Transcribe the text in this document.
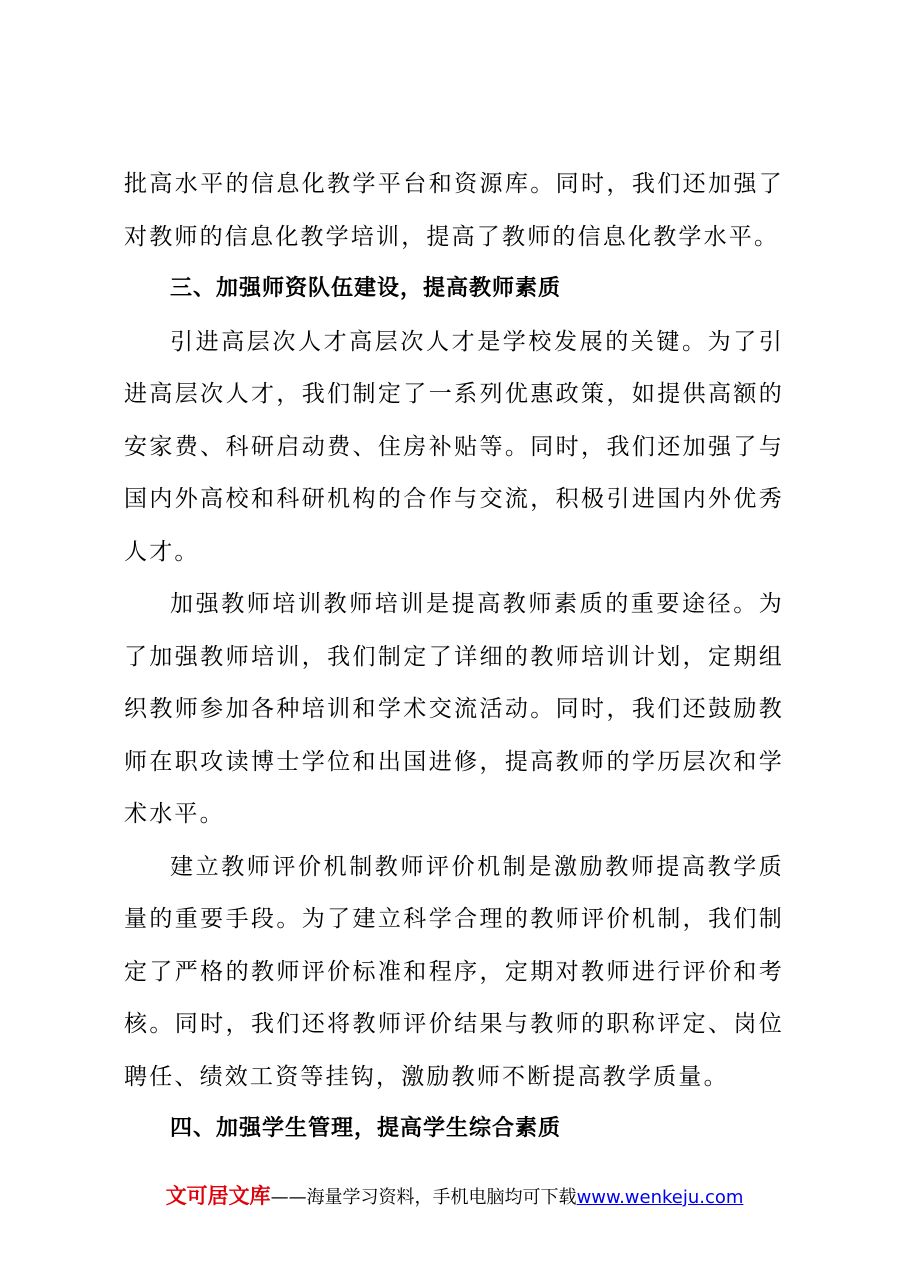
批高水平的信息化教学平台和资源库。同时，我们还加强了对教师的信息化教学培训，提高了教师的信息化教学水平。

三、加强师资队伍建设，提高教师素质

引进高层次人才高层次人才是学校发展的关键。为了引进高层次人才，我们制定了一系列优惠政策，如提供高额的安家费、科研启动费、住房补贴等。同时，我们还加强了与国内外高校和科研机构的合作与交流，积极引进国内外优秀人才。

加强教师培训教师培训是提高教师素质的重要途径。为了加强教师培训，我们制定了详细的教师培训计划，定期组织教师参加各种培训和学术交流活动。同时，我们还鼓励教师在职攻读博士学位和出国进修，提高教师的学历层次和学术水平。

建立教师评价机制教师评价机制是激励教师提高教学质量的重要手段。为了建立科学合理的教师评价机制，我们制定了严格的教师评价标准和程序，定期对教师进行评价和考核。同时，我们还将教师评价结果与教师的职称评定、岗位聘任、绩效工资等挂钩，激励教师不断提高教学质量。

四、加强学生管理，提高学生综合素质

文可居文库——海量学习资料，手机电脑均可下载www.wenkeju.com
